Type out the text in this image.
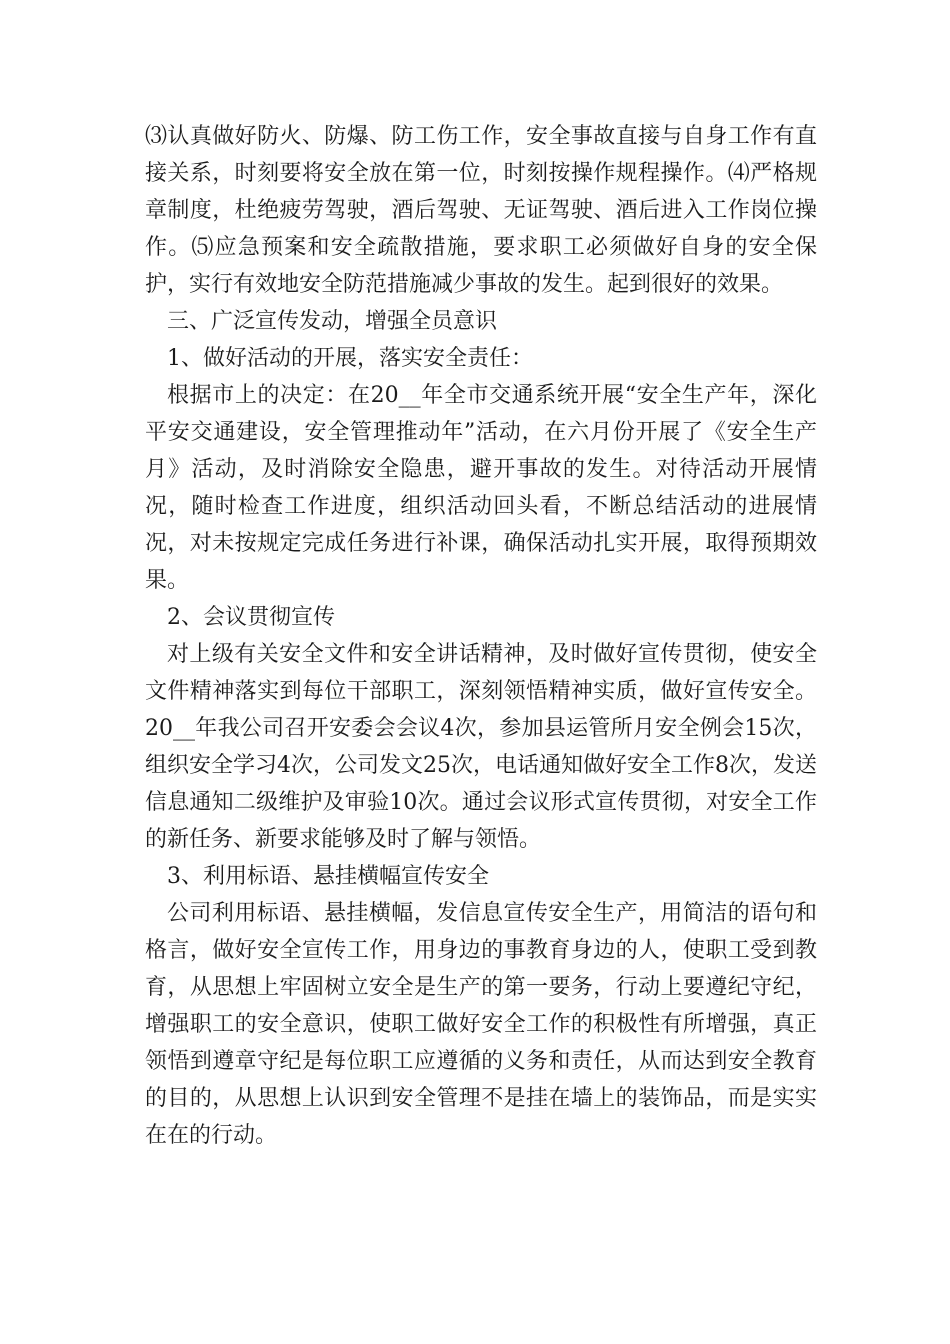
⑶认真做好防火、防爆、防工伤工作，安全事故直接与自身工作有直接关系，时刻要将安全放在第一位，时刻按操作规程操作。⑷严格规章制度，杜绝疲劳驾驶，酒后驾驶、无证驾驶、酒后进入工作岗位操作。⑸应急预案和安全疏散措施，要求职工必须做好自身的安全保护，实行有效地安全防范措施减少事故的发生。起到很好的效果。

三、广泛宣传发动，增强全员意识

1、做好活动的开展，落实安全责任：

根据市上的决定：在20__年全市交通系统开展“安全生产年，深化平安交通建设，安全管理推动年”活动，在六月份开展了《安全生产月》活动，及时消除安全隐患，避开事故的发生。对待活动开展情况，随时检查工作进度，组织活动回头看，不断总结活动的进展情况，对未按规定完成任务进行补课，确保活动扎实开展，取得预期效果。

2、会议贯彻宣传

对上级有关安全文件和安全讲话精神，及时做好宣传贯彻，使安全文件精神落实到每位干部职工，深刻领悟精神实质，做好宣传安全。20__年我公司召开安委会会议4次，参加县运管所月安全例会15次，组织安全学习4次，公司发文25次，电话通知做好安全工作8次，发送信息通知二级维护及审验10次。通过会议形式宣传贯彻，对安全工作的新任务、新要求能够及时了解与领悟。

3、利用标语、悬挂横幅宣传安全

公司利用标语、悬挂横幅，发信息宣传安全生产，用简洁的语句和格言，做好安全宣传工作，用身边的事教育身边的人，使职工受到教育，从思想上牢固树立安全是生产的第一要务，行动上要遵纪守纪，增强职工的安全意识，使职工做好安全工作的积极性有所增强，真正领悟到遵章守纪是每位职工应遵循的义务和责任，从而达到安全教育的目的，从思想上认识到安全管理不是挂在墙上的装饰品，而是实实在在的行动。
